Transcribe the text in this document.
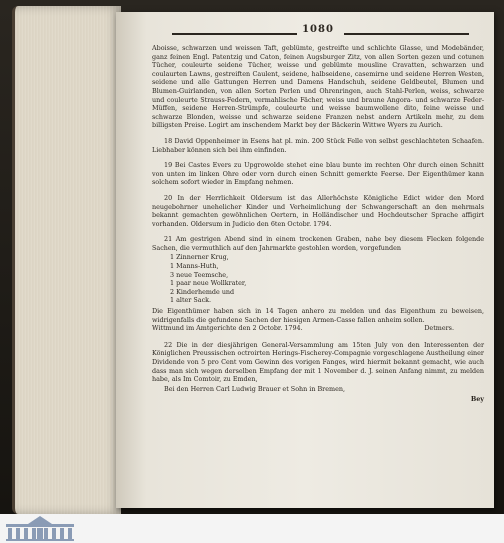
1080

Aboisse, schwarzen und weissen Taft, geblümte, gestreifte und schlichte Glasse, und Modebänder, ganz feinen Engl. Patentzig und Caton, feinen Augsburger Zitz, von allen Sorten gezen und cotunen Tücher, couleurte seidene Tücher, weisse und geblümte mousline Cravatten, schwarzen und coulaurten Lawns, gestreiften Caulent, seidene, halbseidene, casemirne und seidene Herren Westen, seidene und alle Gattungen Herren und Damens Handschuh, seidene Geldbeutel, Blumen und Blumen-Guirlanden, von allen Sorten Perlen und Ohrenringen, auch Stahl-Perlen, weiss, schwarze und couleurte Strauss-Federn, vermahlische Fächer, weiss und braune Angora- und schwarze Feder-Müffen, seidene Herren-Strümpfe, couleurte und weisse baumwollene dito, feine weisse und schwarze Blonden, weisse und schwarze seidene Franzen nebst andern Artikeln mehr, zu dem billigsten Preise. Logirt am inschendem Markt bey der Bäckerin Wittwe Wyers zu Aurich.

18 David Oppenheimer in Esens hat pl. min. 200 Stück Felle von selbst geschlachteten Schaafen. Liebhaber können sich bei ihm einfinden.

19 Bei Castes Evers zu Upgrowolde stehet eine blau bunte im rechten Ohr durch einen Schnitt von unten im linken Ohre oder vorn durch einen Schnitt gemerkte Feerse. Der Eigenthümer kann solchem sofort wieder in Empfang nehmen.

20 In der Herrlichkeit Oldersum ist das Allerhöchste Königliche Edict wider den Mord neugebohrner unehelicher Kinder und Verheimlichung der Schwangerschaft an den mehrmals bekannt gemachten gewöhnlichen Oertern, in Holländischer und Hochdeutscher Sprache affigirt vorhanden. Oldersum in Judicio den 6ten Octobr. 1794.

21 Am gestrigen Abend sind in einem trockenen Graben, nahe bey diesem Flecken folgende Sachen, die vermuthlich auf den Jahrmarkte gestohlen worden, vorgefunden

1 Zinnerner Krug,
1 Manns-Huth,
3 neue Teemsche,
1 paar neue Wollkrater,
2 Kinderhemde und
1 alter Sack.

Die Eigenthümer haben sich in 14 Tagen anhero zu melden und das Eigenthum zu beweisen, widrigenfalls die gefundene Sachen der hiesigen Armen-Casse fallen anheim sollen.

Wittmund im Amtgerichte den 2 Octobr. 1794.	Detmers.

22 Die in der diesjährigen General-Versammlung am 15ten July von den Interessenten der Königlichen Preussischen octroirten Herings-Fischerey-Compagnie vorgeschlagene Austheilung einer Dividende von 5 pro Cent vom Gewinn des vorigen Fanges, wird hiermit bekannt gemacht, wie auch dass man sich wegen derselben Empfang der mit 1 November d. J. seinen Anfang nimmt, zu melden habe, als Im Comtoir, zu Emden,

Bei den Herren Carl Ludwig Brauer et Sohn in Bremen,

Bey
